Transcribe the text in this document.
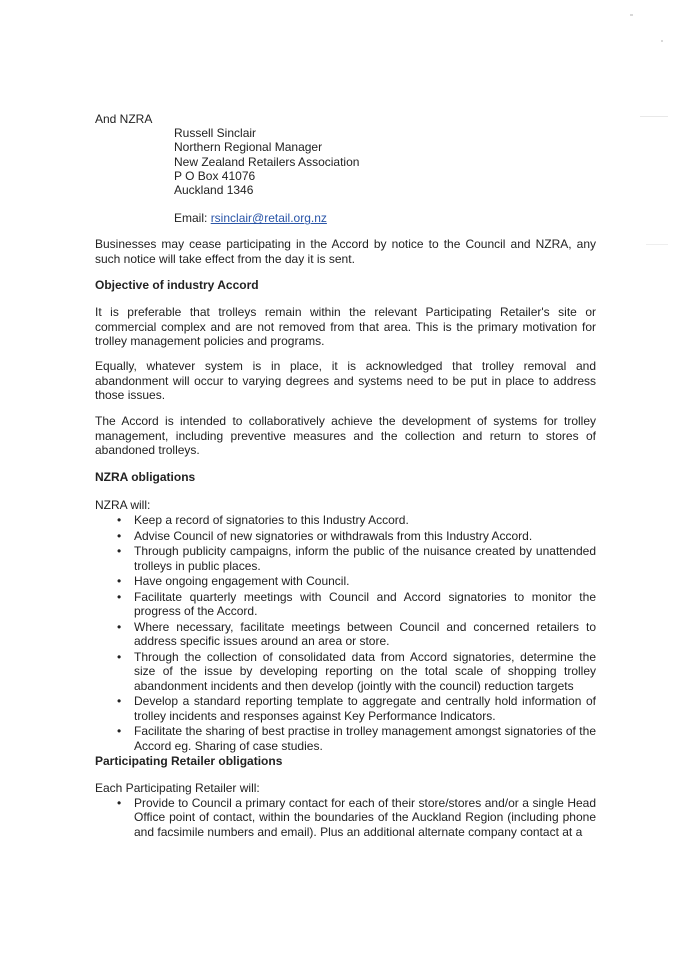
And NZRA

Russell Sinclair
Northern Regional Manager
New Zealand Retailers Association
P O Box 41076
Auckland 1346
Email: rsinclair@retail.org.nz

Businesses may cease participating in the Accord by notice to the Council and NZRA, any such notice will take effect from the day it is sent.

Objective of industry Accord

It is preferable that trolleys remain within the relevant Participating Retailer's site or commercial complex and are not removed from that area. This is the primary motivation for trolley management policies and programs.

Equally, whatever system is in place, it is acknowledged that trolley removal and abandonment will occur to varying degrees and systems need to be put in place to address those issues.

The Accord is intended to collaboratively achieve the development of systems for trolley management, including preventive measures and the collection and return to stores of abandoned trolleys.

NZRA obligations

NZRA will:

• Keep a record of signatories to this Industry Accord.
• Advise Council of new signatories or withdrawals from this Industry Accord.
• Through publicity campaigns, inform the public of the nuisance created by unattended trolleys in public places.
• Have ongoing engagement with Council.
• Facilitate quarterly meetings with Council and Accord signatories to monitor the progress of the Accord.
• Where necessary, facilitate meetings between Council and concerned retailers to address specific issues around an area or store.
• Through the collection of consolidated data from Accord signatories, determine the size of the issue by developing reporting on the total scale of shopping trolley abandonment incidents and then develop (jointly with the council) reduction targets
• Develop a standard reporting template to aggregate and centrally hold information of trolley incidents and responses against Key Performance Indicators.
• Facilitate the sharing of best practise in trolley management amongst signatories of the Accord eg. Sharing of case studies.

Participating Retailer obligations

Each Participating Retailer will:

• Provide to Council a primary contact for each of their store/stores and/or a single Head Office point of contact, within the boundaries of the Auckland Region (including phone and facsimile numbers and email). Plus an additional alternate company contact at a
